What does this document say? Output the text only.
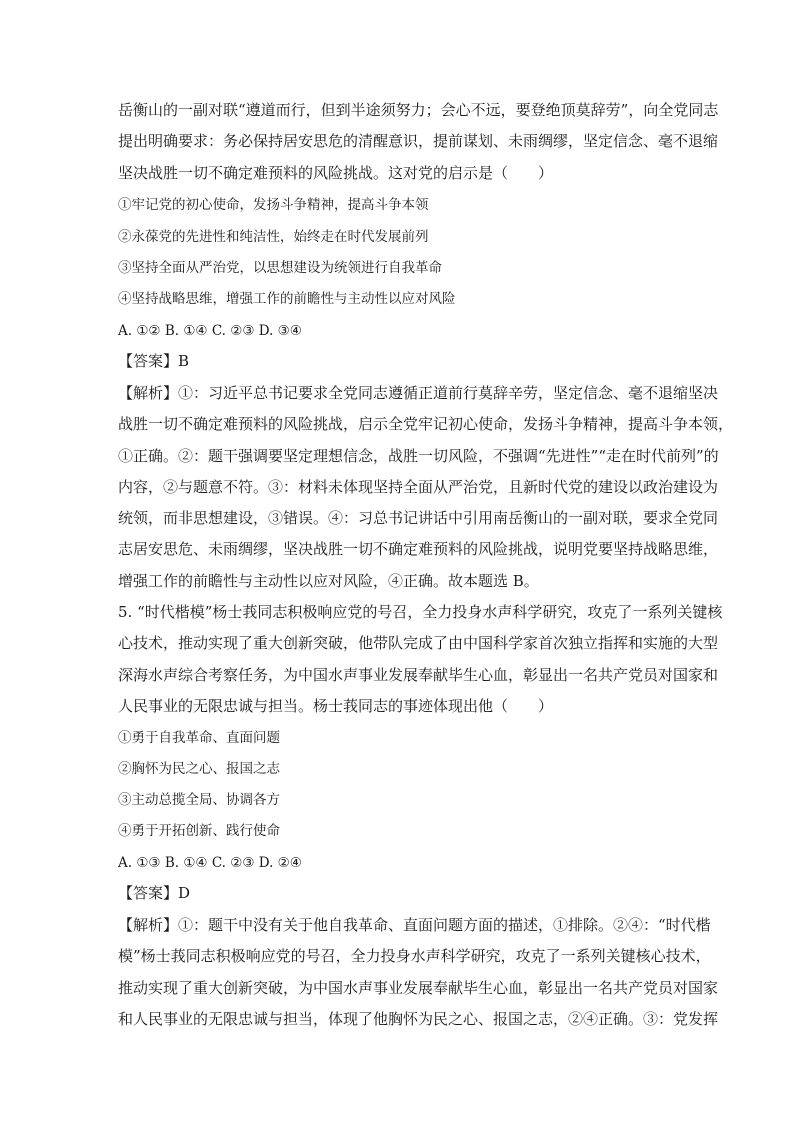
岳衡山的一副对联“遵道而行，但到半途须努力；会心不远，要登绝顶莫辞劳”，向全党同志
提出明确要求：务必保持居安思危的清醒意识，提前谋划、未雨绸缪，坚定信念、毫不退缩
坚决战胜一切不确定难预料的风险挑战。这对党的启示是（　　）
①牢记党的初心使命，发扬斗争精神，提高斗争本领
②永葆党的先进性和纯洁性，始终走在时代发展前列
③坚持全面从严治党，以思想建设为统领进行自我革命
④坚持战略思维，增强工作的前瞻性与主动性以应对风险
A. ①② B. ①④ C. ②③ D. ③④
【答案】B
【解析】①：习近平总书记要求全党同志遵循正道前行莫辞辛劳，坚定信念、毫不退缩坚决
战胜一切不确定难预料的风险挑战，启示全党牢记初心使命，发扬斗争精神，提高斗争本领，
①正确。②：题干强调要坚定理想信念，战胜一切风险，不强调“先进性”“走在时代前列”的
内容，②与题意不符。③：材料未体现坚持全面从严治党，且新时代党的建设以政治建设为
统领，而非思想建设，③错误。④：习总书记讲话中引用南岳衡山的一副对联，要求全党同
志居安思危、未雨绸缪，坚决战胜一切不确定难预料的风险挑战，说明党要坚持战略思维，
增强工作的前瞻性与主动性以应对风险，④正确。故本题选 B。
5. “时代楷模”杨士莪同志积极响应党的号召，全力投身水声科学研究，攻克了一系列关键核
心技术，推动实现了重大创新突破，他带队完成了由中国科学家首次独立指挥和实施的大型
深海水声综合考察任务，为中国水声事业发展奉献毕生心血，彰显出一名共产党员对国家和
人民事业的无限忠诚与担当。杨士莪同志的事迹体现出他（　　）
①勇于自我革命、直面问题
②胸怀为民之心、报国之志
③主动总揽全局、协调各方
④勇于开拓创新、践行使命
A. ①③ B. ①④ C. ②③ D. ②④
【答案】D
【解析】①：题干中没有关于他自我革命、直面问题方面的描述，①排除。②④：“时代楷
模”杨士莪同志积极响应党的号召，全力投身水声科学研究，攻克了一系列关键核心技术，
推动实现了重大创新突破，为中国水声事业发展奉献毕生心血，彰显出一名共产党员对国家
和人民事业的无限忠诚与担当，体现了他胸怀为民之心、报国之志，②④正确。③：党发挥
